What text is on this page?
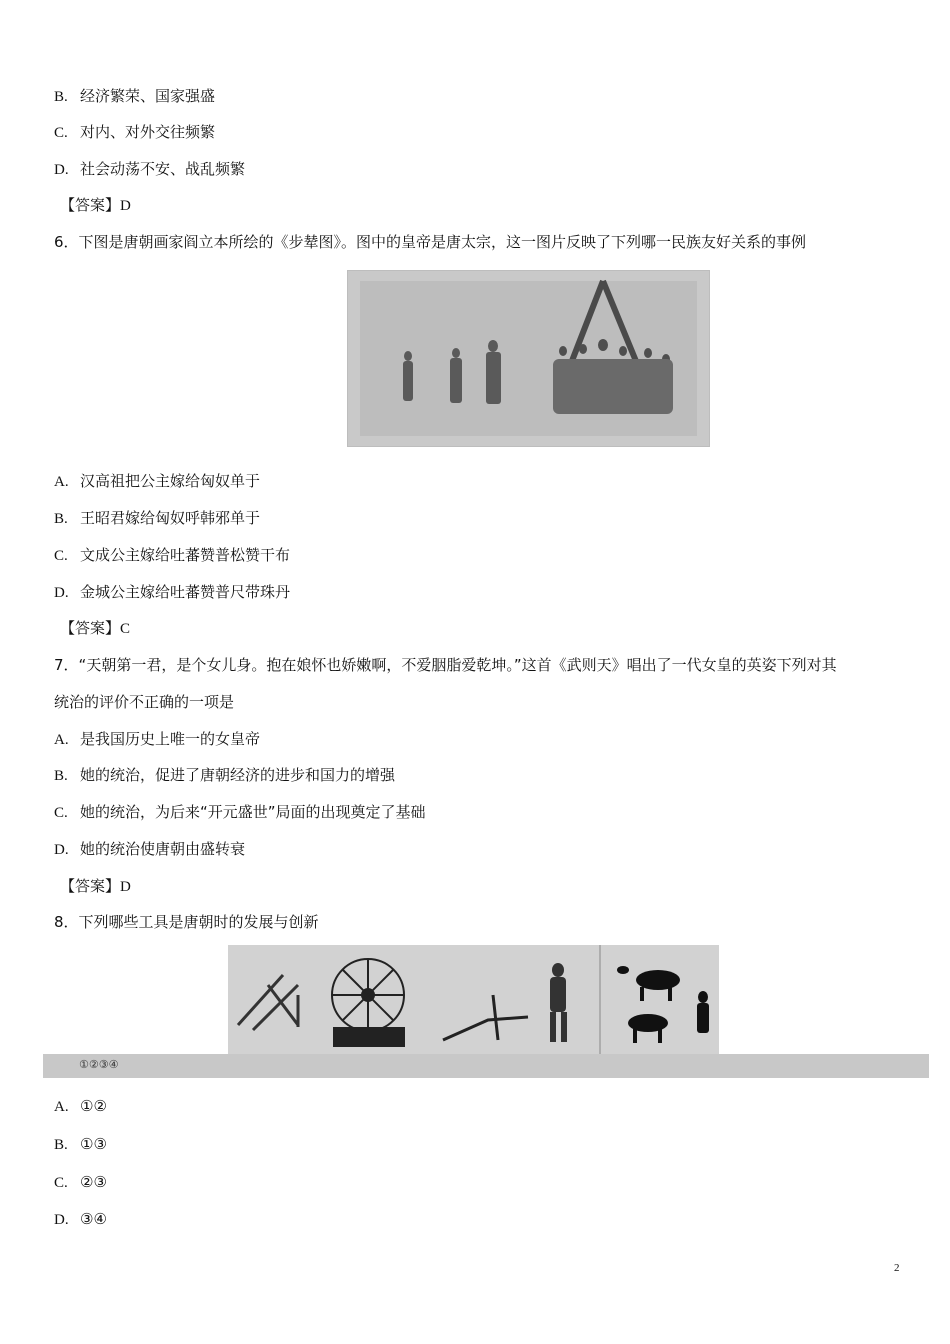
B. 经济繁荣、国家强盛
C. 对内、对外交往频繁
D. 社会动荡不安、战乱频繁
【答案】D
6．下图是唐朝画家阎立本所绘的《步辇图》。图中的皇帝是唐太宗，这一图片反映了下列哪一民族友好关系的事例
A. 汉高祖把公主嫁给匈奴单于
B. 王昭君嫁给匈奴呼韩邪单于
C. 文成公主嫁给吐蕃赞普松赞干布
D. 金城公主嫁给吐蕃赞普尺带珠丹
【答案】C
7．“天朝第一君，是个女儿身。抱在娘怀也娇嫩啊，不爱胭脂爱乾坤。”这首《武则天》唱出了一代女皇的英姿下列对其
统治的评价不正确的一项是
A. 是我国历史上唯一的女皇帝
B. 她的统治，促进了唐朝经济的进步和国力的增强
C. 她的统治，为后来“开元盛世”局面的出现奠定了基础
D. 她的统治使唐朝由盛转衰
【答案】D
8．下列哪些工具是唐朝时的发展与创新
①②③④
A. ①②
B. ①③
C. ②③
D. ③④
2
